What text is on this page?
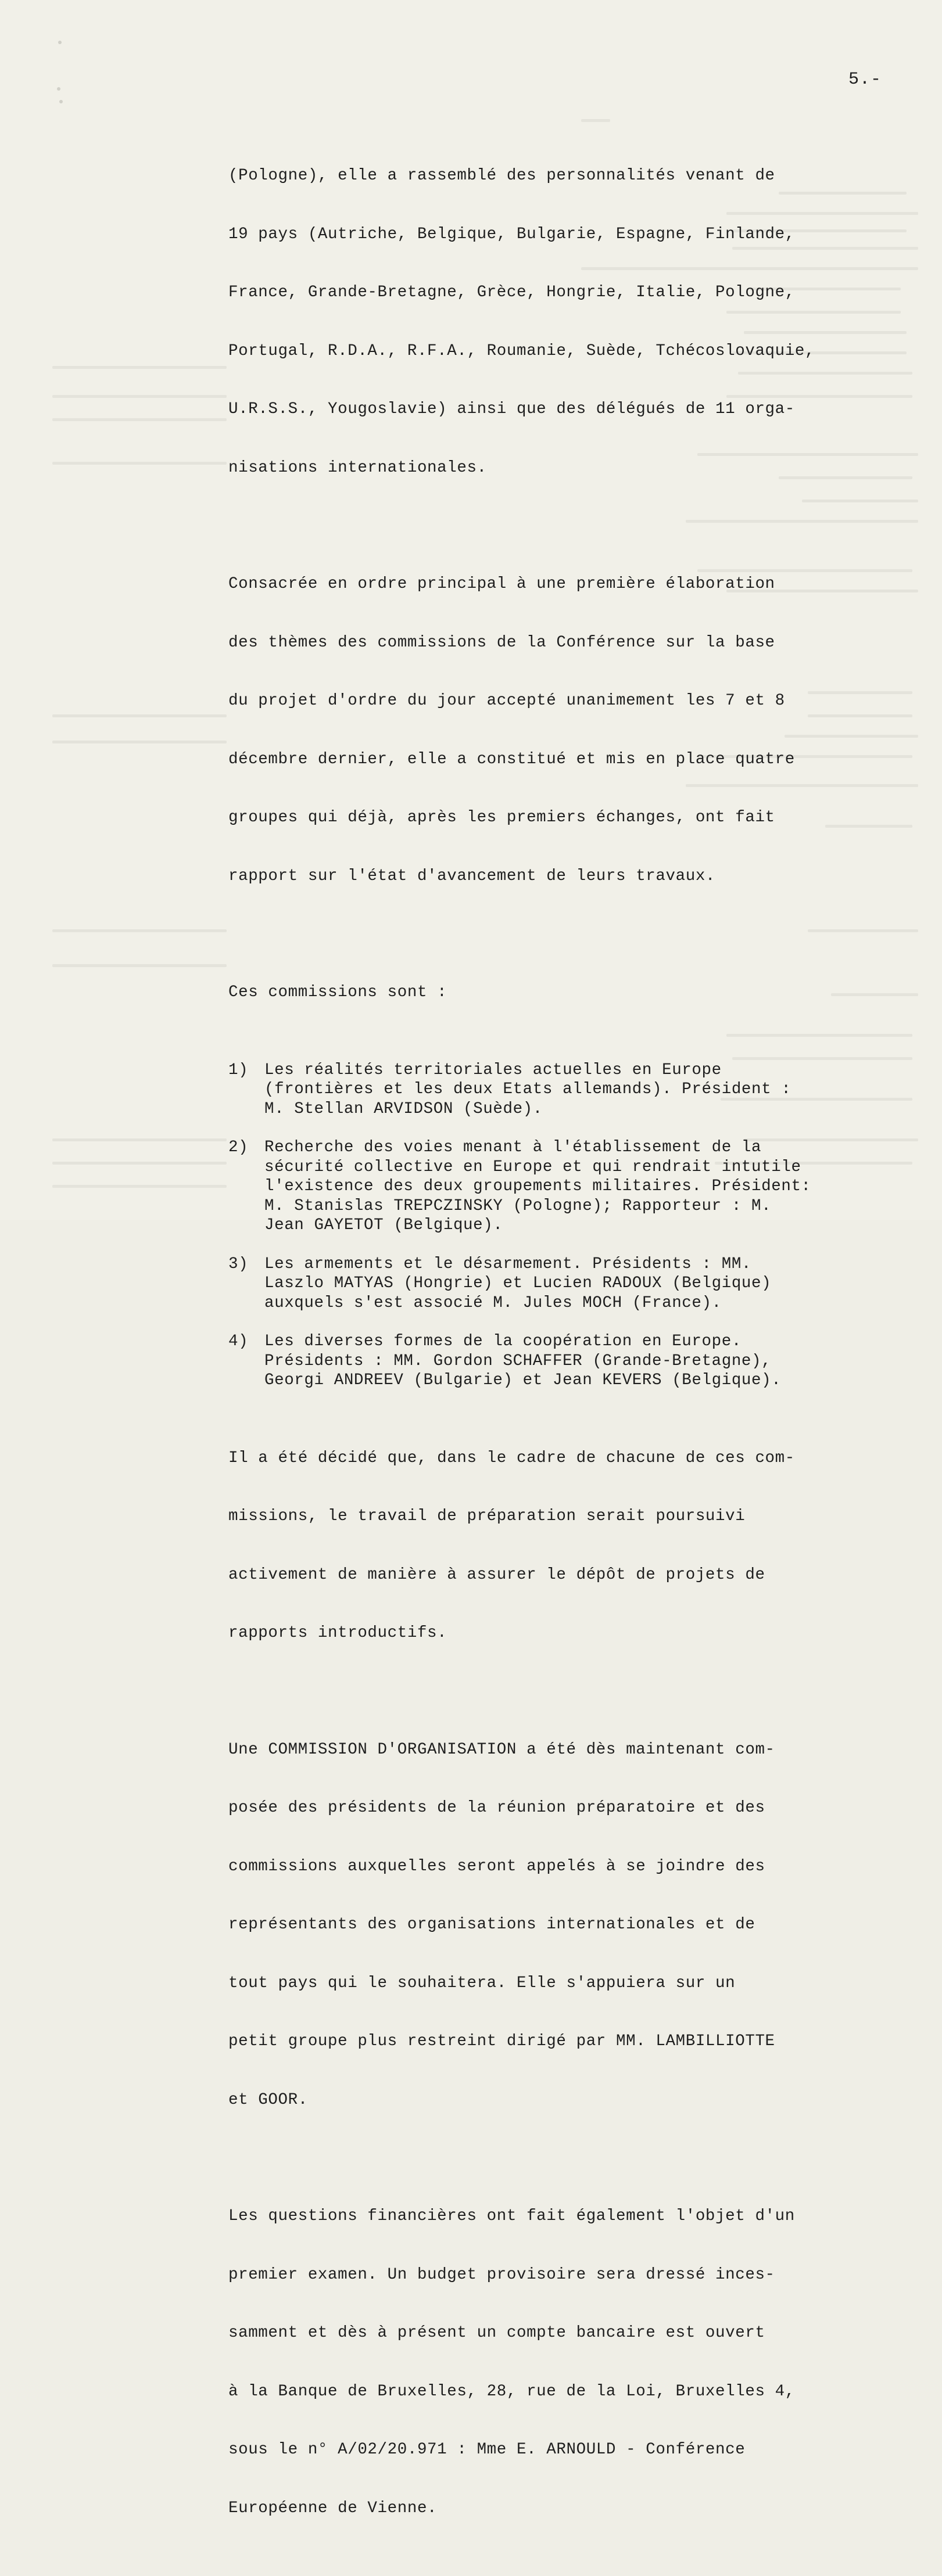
5.-

(Pologne), elle a rassemblé des personnalités venant de

19 pays (Autriche, Belgique, Bulgarie, Espagne, Finlande,

France, Grande-Bretagne, Grèce, Hongrie, Italie, Pologne,

Portugal, R.D.A., R.F.A., Roumanie, Suède, Tchécoslovaquie,

U.R.S.S., Yougoslavie) ainsi que des délégués de 11 orga-

nisations internationales.

Consacrée en ordre principal à une première élaboration

des thèmes des commissions de la Conférence sur la base

du projet d'ordre du jour accepté unanimement les 7 et 8

décembre dernier, elle a constitué et mis en place quatre

groupes qui déjà, après les premiers échanges, ont fait

rapport sur l'état d'avancement de leurs travaux.

Ces commissions sont :

1) Les réalités territoriales actuelles en Europe
(frontières et les deux Etats allemands). Président :
M. Stellan ARVIDSON (Suède).
2) Recherche des voies menant à l'établissement de la
sécurité collective en Europe et qui rendrait intutile
l'existence des deux groupements militaires. Président:
M. Stanislas TREPCZINSKY (Pologne); Rapporteur : M.
Jean GAYETOT (Belgique).
3) Les armements et le désarmement. Présidents : MM.
Laszlo MATYAS (Hongrie) et Lucien RADOUX (Belgique)
auxquels s'est associé M. Jules MOCH (France).
4) Les diverses formes de la coopération en Europe.
Présidents : MM. Gordon SCHAFFER (Grande-Bretagne),
Georgi ANDREEV (Bulgarie) et Jean KEVERS (Belgique).

Il a été décidé que, dans le cadre de chacune de ces com-

missions, le travail de préparation serait poursuivi

activement de manière à assurer le dépôt de projets de

rapports introductifs.

Une COMMISSION D'ORGANISATION a été dès maintenant com-

posée des présidents de la réunion préparatoire et des

commissions auxquelles seront appelés à se joindre des

représentants des organisations internationales et de

tout pays qui le souhaitera. Elle s'appuiera sur un

petit groupe plus restreint dirigé par MM. LAMBILLIOTTE

et GOOR.

Les questions financières ont fait également l'objet d'un

premier examen. Un budget provisoire sera dressé inces-

samment et dès à présent un compte bancaire est ouvert

à la Banque de Bruxelles, 28, rue de la Loi, Bruxelles 4,

sous le n° A/02/20.971 : Mme E. ARNOULD - Conférence

Européenne de Vienne.
